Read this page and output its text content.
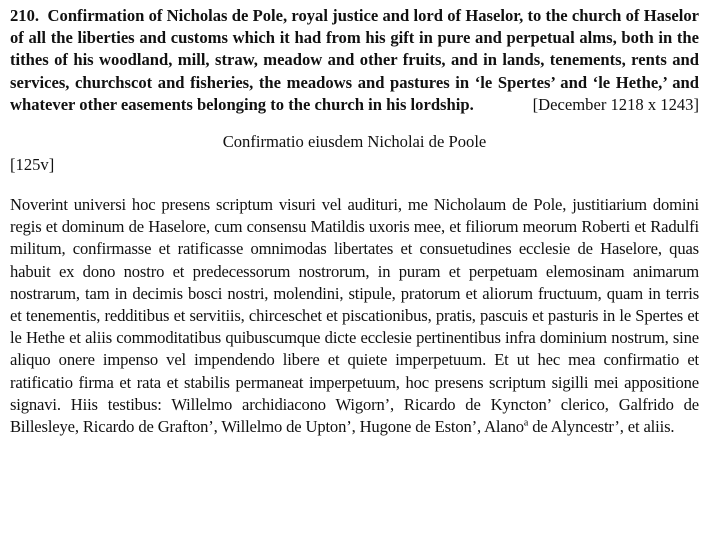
210. Confirmation of Nicholas de Pole, royal justice and lord of Haselor, to the church of Haselor of all the liberties and customs which it had from his gift in pure and perpetual alms, both in the tithes of his woodland, mill, straw, meadow and other fruits, and in lands, tenements, rents and services, churchscot and fisheries, the meadows and pastures in ‘le Spertes’ and ‘le Hethe,’ and whatever other easements belonging to the church in his lordship.	[December 1218 x 1243]

Confirmatio eiusdem Nicholai de Poole

[125v]

Noverint universi hoc presens scriptum visuri vel audituri, me Nicholaum de Pole, justitiarium domini regis et dominum de Haselore, cum consensu Matildis uxoris mee, et filiorum meorum Roberti et Radulfi militum, confirmasse et ratificasse omnimodas libertates et consuetudines ecclesie de Haselore, quas habuit ex dono nostro et predecessorum nostrorum, in puram et perpetuam elemosinam animarum nostrarum, tam in decimis bosci nostri, molendini, stipule, pratorum et aliorum fructuum, quam in terris et tenementis, redditibus et servitiis, chirceschet et piscationibus, pratis, pascuis et pasturis in le Spertes et le Hethe et aliis commoditatibus quibuscumque dicte ecclesie pertinentibus infra dominium nostrum, sine aliquo onere impenso vel impendendo libere et quiete imperpetuum. Et ut hec mea confirmatio et ratificatio firma et rata et stabilis permaneat imperpetuum, hoc presens scriptum sigilli mei appositione signavi. Hiis testibus: Willelmo archidiacono Wigorn’, Ricardo de Kyncton’ clerico, Galfrido de Billesleye, Ricardo de Grafton’, Willelmo de Upton’, Hugone de Eston’, Alano$^a$ de Alyncestr’, et aliis.
